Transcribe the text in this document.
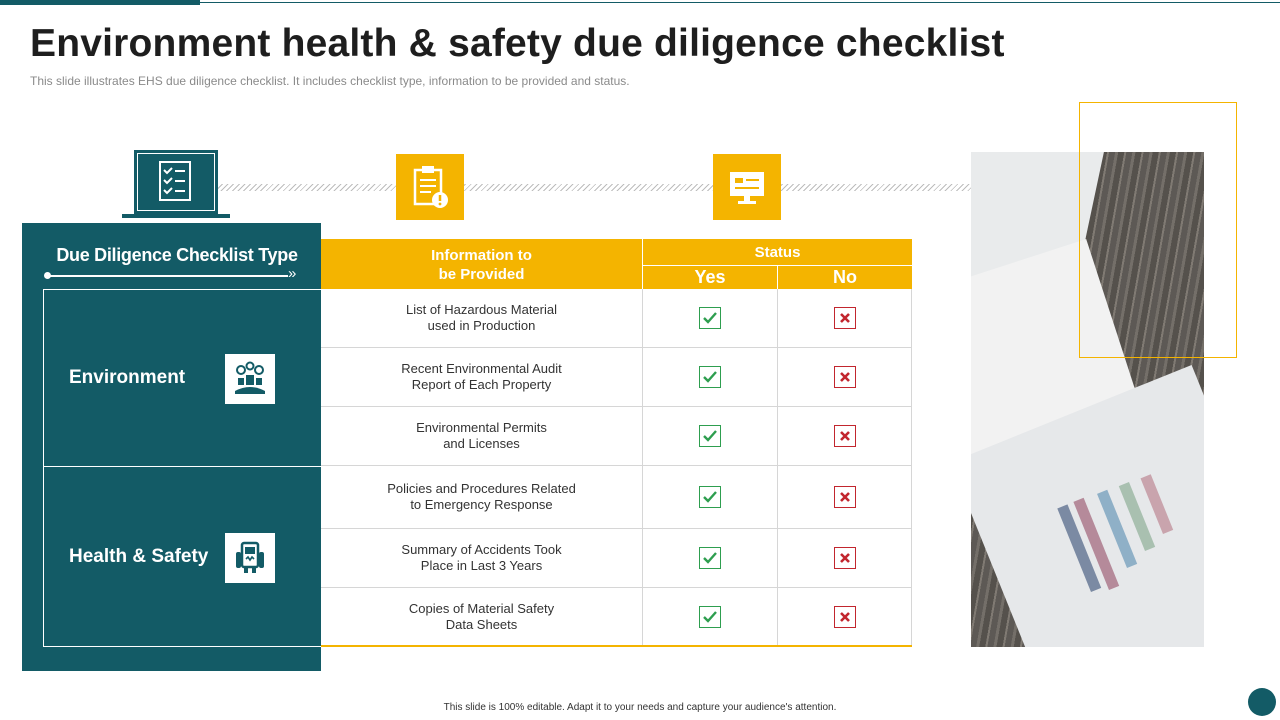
Environment health & safety due diligence checklist

This slide illustrates EHS due diligence checklist. It includes checklist type, information to be provided and status.

Due Diligence Checklist Type
»
Environment
Health & Safety
Information to
be Provided
Status
Yes	No
List of Hazardous Material
used in Production
Recent Environmental Audit
Report of Each Property
Environmental Permits
and Licenses
Policies and Procedures Related
to Emergency Response
Summary of Accidents Took
Place in Last 3 Years
Copies of Material Safety
Data Sheets
This slide is 100% editable. Adapt it to your needs and capture your audience's attention.
